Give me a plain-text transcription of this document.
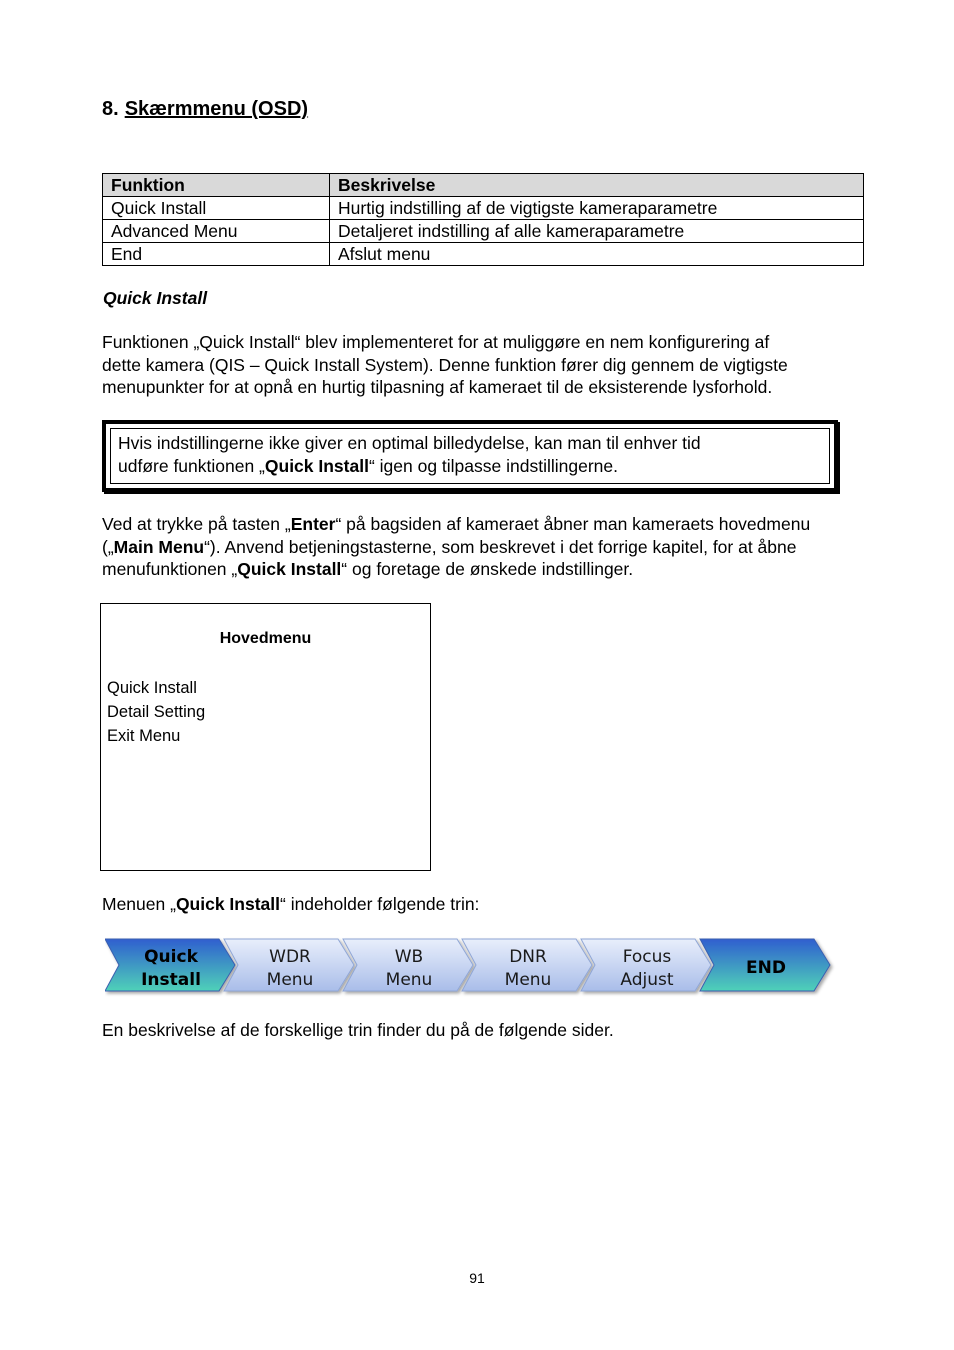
8. Skærmmenu (OSD)
Funktion	Beskrivelse
Quick Install	Hurtig indstilling af de vigtigste kameraparametre
Advanced Menu	Detaljeret indstilling af alle kameraparametre
End	Afslut menu
Quick Install
Funktionen „Quick Install“ blev implementeret for at muliggøre en nem konfigurering af
dette kamera (QIS – Quick Install System). Denne funktion fører dig gennem de vigtigste
menupunkter for at opnå en hurtig tilpasning af kameraet til de eksisterende lysforhold.
Hvis indstillingerne ikke giver en optimal billedydelse, kan man til enhver tid
udføre funktionen „Quick Install“ igen og tilpasse indstillingerne.
Ved at trykke på tasten „Enter“ på bagsiden af kameraet åbner man kameraets hovedmenu
(„Main Menu“). Anvend betjeningstasterne, som beskrevet i det forrige kapitel, for at åbne
menufunktionen „Quick Install“ og foretage de ønskede indstillinger.
Hovedmenu
Quick Install
Detail Setting
Exit Menu
Menuen „Quick Install“ indeholder følgende trin:
Quick
Install
WDR
Menu
WB
Menu
DNR
Menu
Focus
Adjust
END
En beskrivelse af de forskellige trin finder du på de følgende sider.
91
